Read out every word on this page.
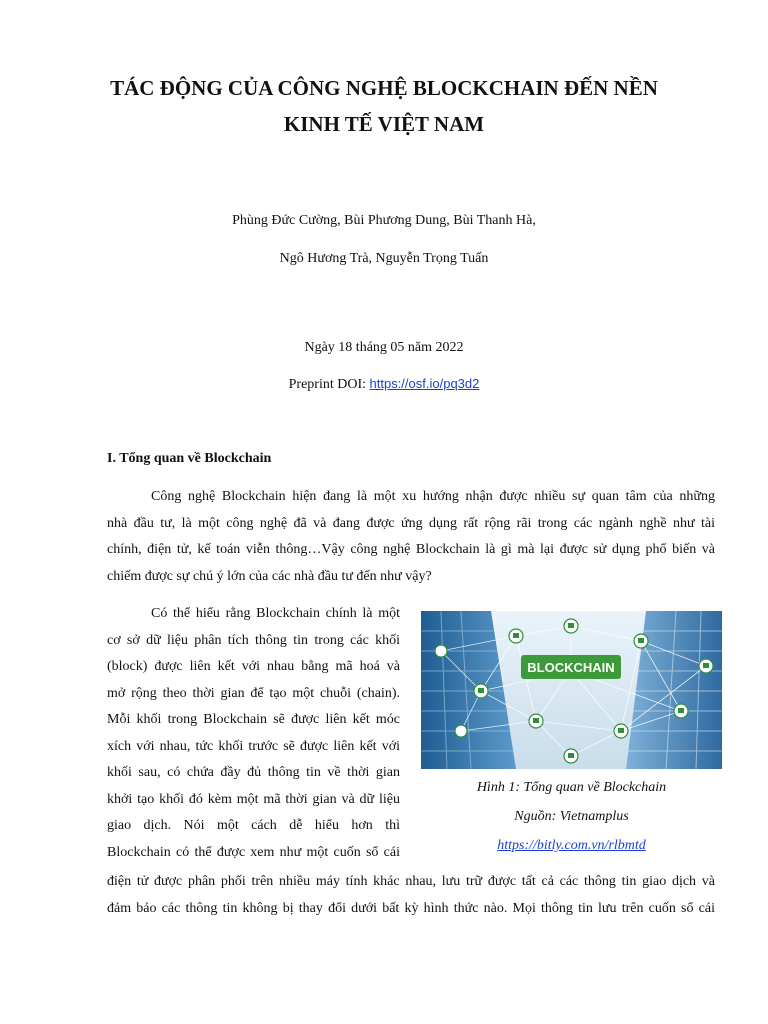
TÁC ĐỘNG CỦA CÔNG NGHỆ BLOCKCHAIN ĐẾN NỀN
KINH TẾ VIỆT NAM

Phùng Đức Cường, Bùi Phương Dung, Bùi Thanh Hà,

Ngô Hương Trà, Nguyễn Trọng Tuấn

Ngày 18 tháng 05 năm 2022

Preprint DOI: https://osf.io/pq3d2

I. Tổng quan về Blockchain
Công nghệ Blockchain hiện đang là một xu hướng nhận được nhiều sự quan tâm của những
nhà đầu tư, là một công nghệ đã và đang được ứng dụng rất rộng rãi trong các ngành nghề như tài
chính, điện tử, kế toán viễn thông…Vậy công nghệ Blockchain là gì mà lại được sử dụng phổ biến và
chiếm được sự chú ý lớn của các nhà đầu tư đến như vậy?
Có thể hiểu rằng Blockchain chính là một
cơ sở dữ liệu phân tích thông tin trong các khối
(block) được liên kết với nhau bằng mã hoá và
mở rộng theo thời gian để tạo một chuỗi (chain).
Mỗi khối trong Blockchain sẽ được liên kết móc
xích với nhau, tức khối trước sẽ được liên kết với
khối sau, có chứa đầy đủ thông tin về thời gian
khởi tạo khối đó kèm một mã thời gian và dữ liệu
giao dịch. Nói một cách dễ hiểu hơn thì
Blockchain có thể được xem như một cuốn sổ cái
điện tử được phân phối trên nhiều máy tính khác nhau, lưu trữ được tất cả các thông tin giao dịch và
đảm bảo các thông tin không bị thay đổi dưới bất kỳ hình thức nào. Mọi thông tin lưu trên cuốn sổ cái
BLOCKCHAIN

Hình 1: Tổng quan về Blockchain

Nguồn: Vietnamplus

https://bitly.com.vn/rlbmtd
